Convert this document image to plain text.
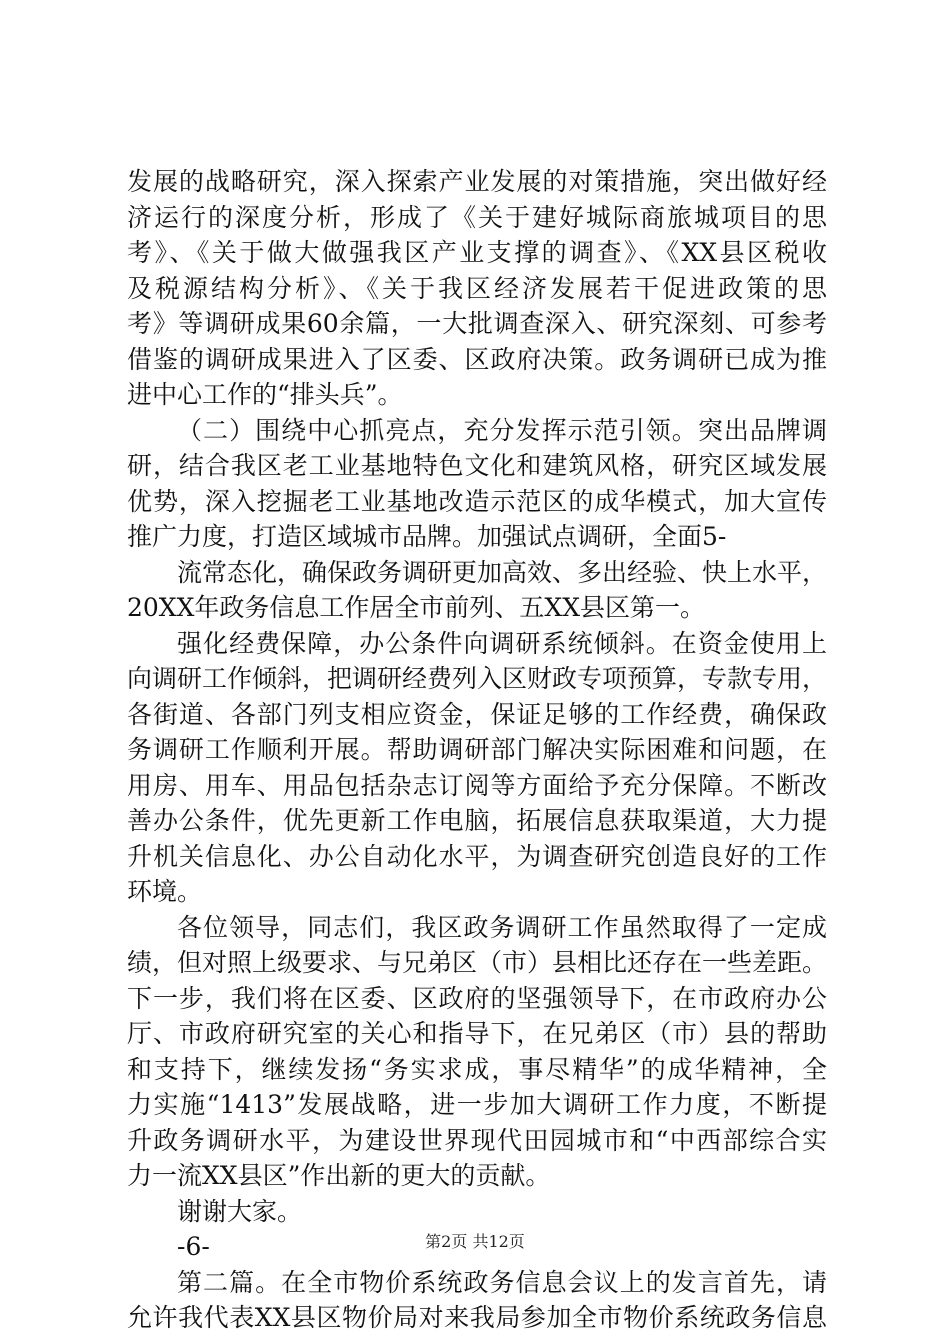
发展的战略研究，深入探索产业发展的对策措施，突出做好经
济运行的深度分析，形成了《关于建好城际商旅城项目的思
考》、《关于做大做强我区产业支撑的调查》、《XX县区税收
及税源结构分析》、《关于我区经济发展若干促进政策的思
考》等调研成果60余篇，一大批调查深入、研究深刻、可参考
借鉴的调研成果进入了区委、区政府决策。政务调研已成为推
进中心工作的“排头兵”。
（二）围绕中心抓亮点，充分发挥示范引领。突出品牌调
研，结合我区老工业基地特色文化和建筑风格，研究区域发展
优势，深入挖掘老工业基地改造示范区的成华模式，加大宣传
推广力度，打造区域城市品牌。加强试点调研，全面5-
流常态化，确保政务调研更加高效、多出经验、快上水平，
20XX年政务信息工作居全市前列、五XX县区第一。
强化经费保障，办公条件向调研系统倾斜。在资金使用上
向调研工作倾斜，把调研经费列入区财政专项预算，专款专用，
各街道、各部门列支相应资金，保证足够的工作经费，确保政
务调研工作顺利开展。帮助调研部门解决实际困难和问题，在
用房、用车、用品包括杂志订阅等方面给予充分保障。不断改
善办公条件，优先更新工作电脑，拓展信息获取渠道，大力提
升机关信息化、办公自动化水平，为调查研究创造良好的工作
环境。
各位领导，同志们，我区政务调研工作虽然取得了一定成
绩，但对照上级要求、与兄弟区（市）县相比还存在一些差距。
下一步，我们将在区委、区政府的坚强领导下，在市政府办公
厅、市政府研究室的关心和指导下，在兄弟区（市）县的帮助
和支持下，继续发扬“务实求成，事尽精华”的成华精神，全
力实施“1413”发展战略，进一步加大调研工作力度，不断提
升政务调研水平，为建设世界现代田园城市和“中西部综合实
力一流XX县区”作出新的更大的贡献。
谢谢大家。
-6-
第二篇。在全市物价系统政务信息会议上的发言首先，请
允许我代表XX县区物价局对来我局参加全市物价系统政务信息
第2页 共12页
